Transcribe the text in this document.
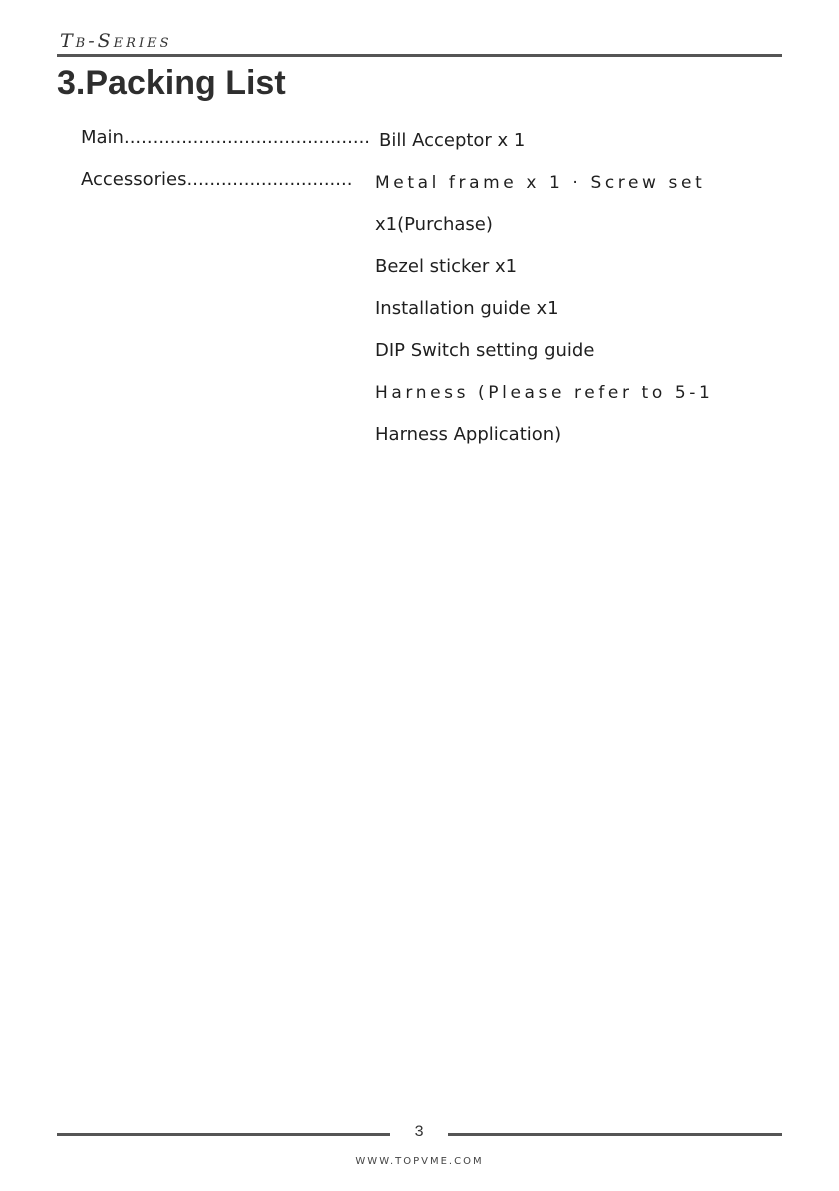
Tb-Series
3.Packing List
Main...........................................
Accessories.............................
Bill Acceptor x 1
Metal frame x 1 · Screw set
x1(Purchase)
Bezel sticker x1
Installation guide x1
DIP Switch setting guide
Harness (Please refer to 5-1
Harness Application)
3
WWW.TOPVME.COM
